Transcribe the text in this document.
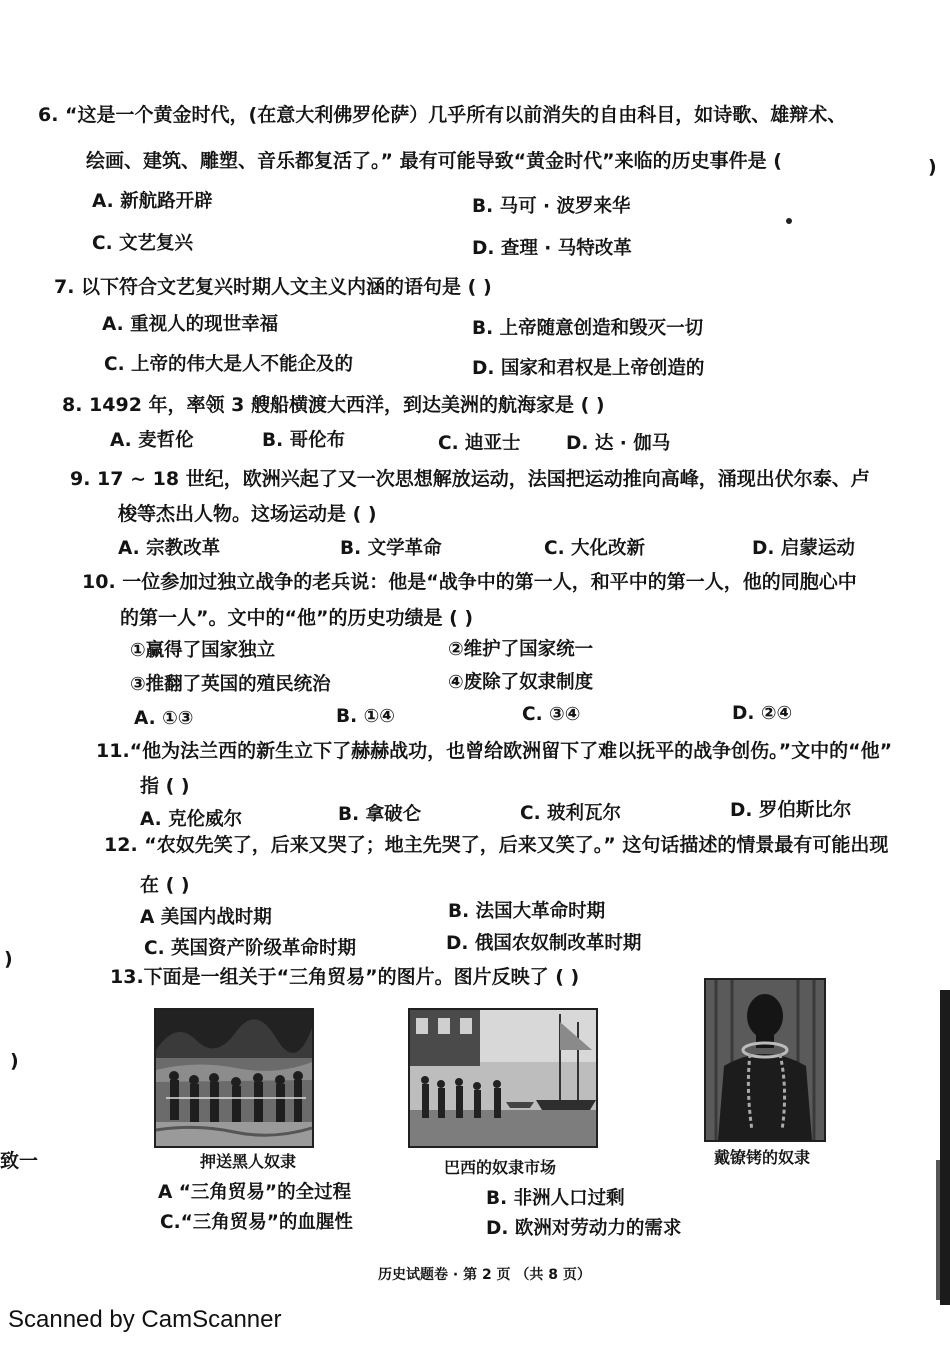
6. “这是一个黄金时代，(在意大利佛罗伦萨）几乎所有以前消失的自由科目，如诗歌、雄辩术、
绘画、建筑、雕塑、音乐都复活了。” 最有可能导致“黄金时代”来临的历史事件是 (	)
A. 新航路开辟	B. 马可 · 波罗来华
C. 文艺复兴	D. 查理 · 马特改革
7. 以下符合文艺复兴时期人文主义内涵的语句是 ( )
A. 重视人的现世幸福	B. 上帝随意创造和毁灭一切
C. 上帝的伟大是人不能企及的	D. 国家和君权是上帝创造的
8. 1492 年，率领 3 艘船横渡大西洋，到达美洲的航海家是 ( )
A. 麦哲伦	B. 哥伦布	C. 迪亚士 D. 达 · 伽马
9. 17 ~ 18 世纪，欧洲兴起了又一次思想解放运动，法国把运动推向高峰，涌现出伏尔泰、卢
梭等杰出人物。这场运动是 ( )
A. 宗教改革	B. 文学革命	C. 大化改新	D. 启蒙运动
10. 一位参加过独立战争的老兵说：他是“战争中的第一人，和平中的第一人，他的同胞心中
的第一人”。文中的“他”的历史功绩是 ( )
①赢得了国家独立	②维护了国家统一
③推翻了英国的殖民统治	④废除了奴隶制度
A. ①③	B. ①④	C. ③④	D. ②④
11.“他为法兰西的新生立下了赫赫战功，也曾给欧洲留下了难以抚平的战争创伤。”文中的“他”
指 ( )
A. 克伦威尔	B. 拿破仑	C. 玻利瓦尔	D. 罗伯斯比尔
12. “农奴先笑了，后来又哭了；地主先哭了，后来又笑了。” 这句话描述的情景最有可能出现
在 ( )
A 美国内战时期	B. 法国大革命时期
C. 英国资产阶级革命时期	D. 俄国农奴制改革时期
)
)
致一
13.下面是一组关于“三角贸易”的图片。图片反映了 ( )
押送黑人奴隶	巴西的奴隶市场
戴镣铐的奴隶
A “三角贸易”的全过程	B. 非洲人口过剩
C.“三角贸易”的血腥性	D. 欧洲对劳动力的需求
历史试题卷 · 第 2 页 （共 8 页）
Scanned by CamScanner
